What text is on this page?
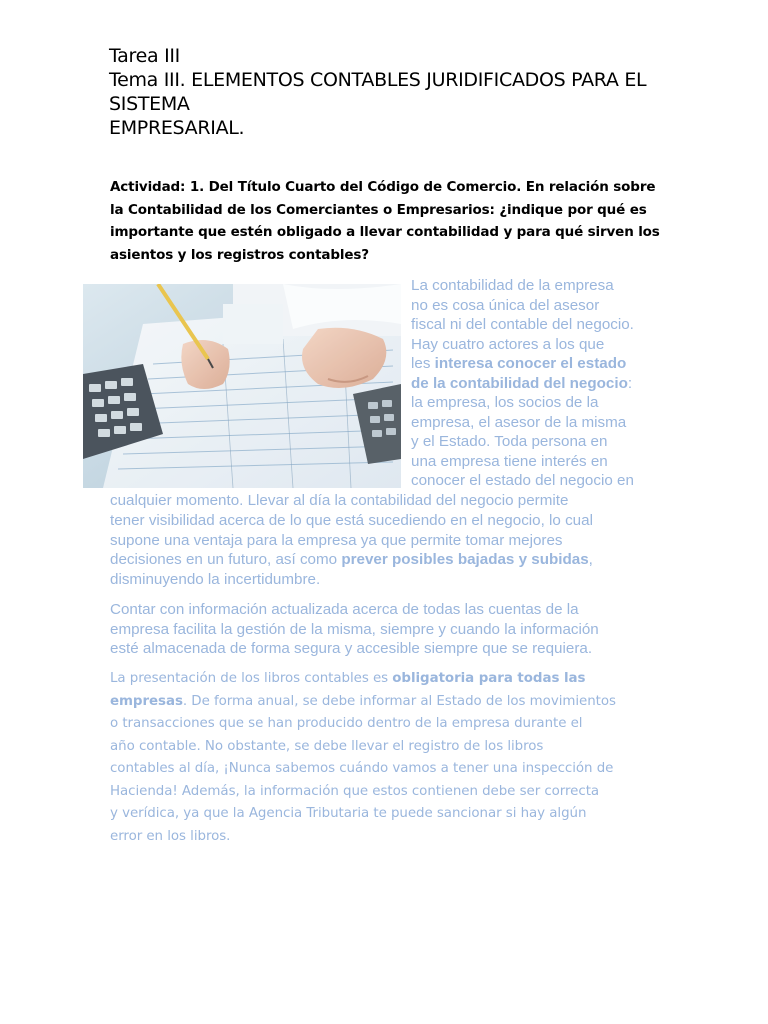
Tarea III
Tema III. ELEMENTOS CONTABLES JURIDIFICADOS PARA EL
SISTEMA
EMPRESARIAL.
Actividad: 1. Del Título Cuarto del Código de Comercio. En relación sobre
la Contabilidad de los Comerciantes o Empresarios: ¿indique por qué es
importante que estén obligado a llevar contabilidad y para qué sirven los
asientos y los registros contables?
La contabilidad de la empresa
no es cosa única del asesor
fiscal ni del contable del negocio.
Hay cuatro actores a los que
les interesa conocer el estado
de la contabilidad del negocio:
la empresa, los socios de la
empresa, el asesor de la misma
y el Estado. Toda persona en
una empresa tiene interés en
conocer el estado del negocio en
cualquier momento. Llevar al día la contabilidad del negocio permite
tener visibilidad acerca de lo que está sucediendo en el negocio, lo cual
supone una ventaja para la empresa ya que permite tomar mejores
decisiones en un futuro, así como prever posibles bajadas y subidas,
disminuyendo la incertidumbre.
Contar con información actualizada acerca de todas las cuentas de la
empresa facilita la gestión de la misma, siempre y cuando la información
esté almacenada de forma segura y accesible siempre que se requiera.
La presentación de los libros contables es obligatoria para todas las
empresas. De forma anual, se debe informar al Estado de los movimientos
o transacciones que se han producido dentro de la empresa durante el
año contable. No obstante, se debe llevar el registro de los libros
contables al día, ¡Nunca sabemos cuándo vamos a tener una inspección de
Hacienda! Además, la información que estos contienen debe ser correcta
y verídica, ya que la Agencia Tributaria te puede sancionar si hay algún
error en los libros.
